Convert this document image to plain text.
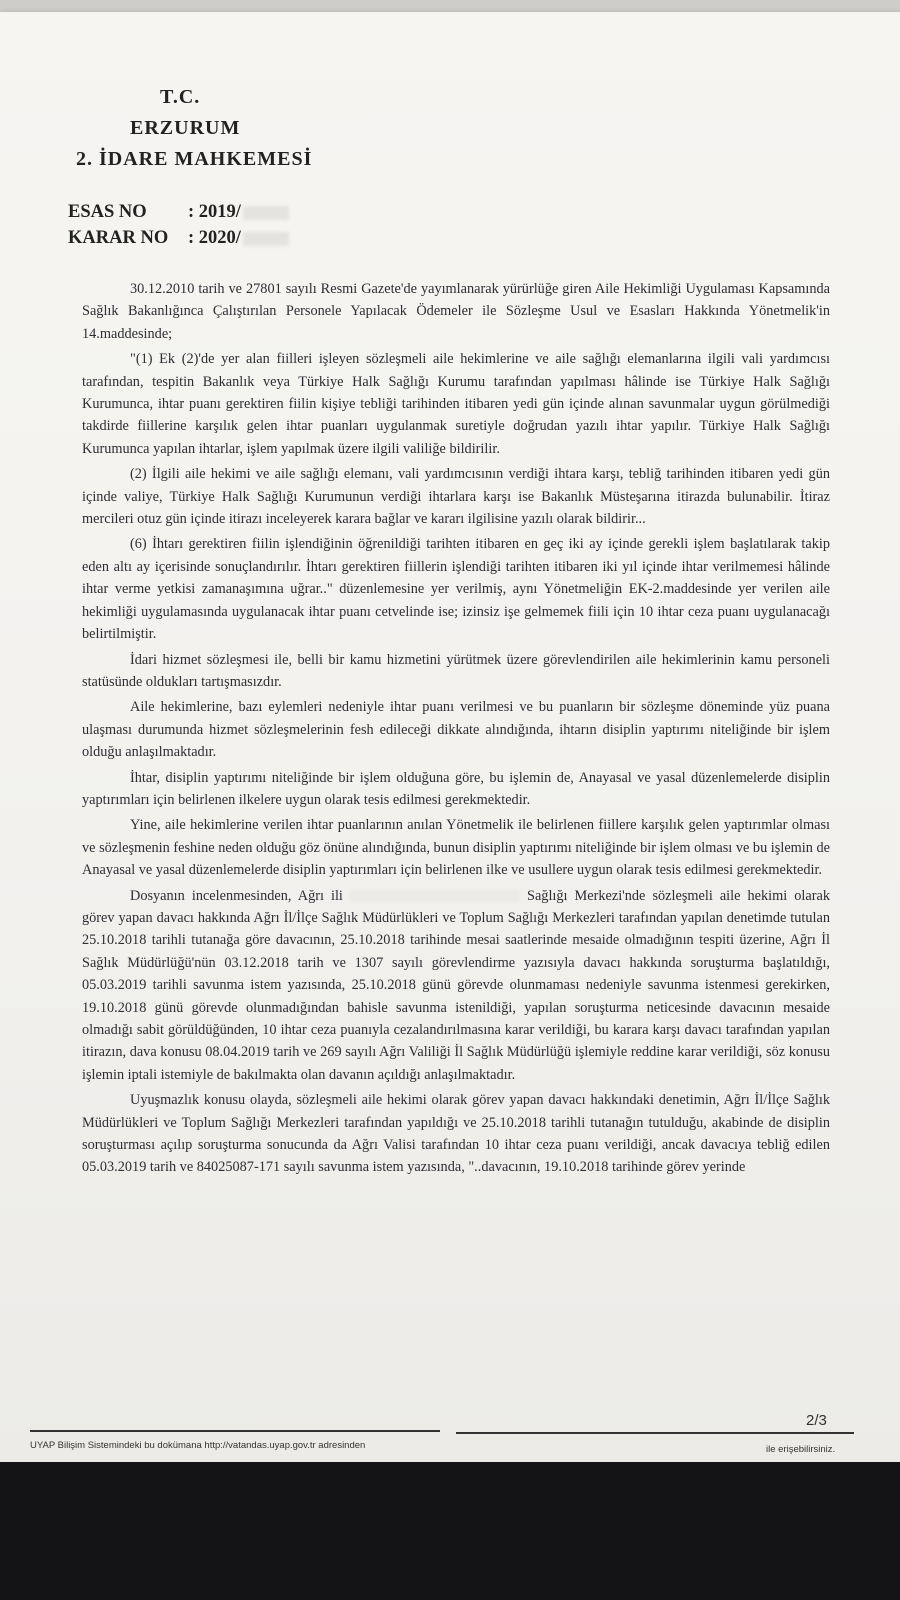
T.C.
ERZURUM
2. İDARE MAHKEMESİ
ESAS NO : 2019/
KARAR NO : 2020/

30.12.2010 tarih ve 27801 sayılı Resmi Gazete'de yayımlanarak yürürlüğe giren Aile Hekimliği Uygulaması Kapsamında Sağlık Bakanlığınca Çalıştırılan Personele Yapılacak Ödemeler ile Sözleşme Usul ve Esasları Hakkında Yönetmelik'in 14.maddesinde;

"(1) Ek (2)'de yer alan fiilleri işleyen sözleşmeli aile hekimlerine ve aile sağlığı elemanlarına ilgili vali yardımcısı tarafından, tespitin Bakanlık veya Türkiye Halk Sağlığı Kurumu tarafından yapılması hâlinde ise Türkiye Halk Sağlığı Kurumunca, ihtar puanı gerektiren fiilin kişiye tebliği tarihinden itibaren yedi gün içinde alınan savunmalar uygun görülmediği takdirde fiillerine karşılık gelen ihtar puanları uygulanmak suretiyle doğrudan yazılı ihtar yapılır. Türkiye Halk Sağlığı Kurumunca yapılan ihtarlar, işlem yapılmak üzere ilgili valiliğe bildirilir.

(2) İlgili aile hekimi ve aile sağlığı elemanı, vali yardımcısının verdiği ihtara karşı, tebliğ tarihinden itibaren yedi gün içinde valiye, Türkiye Halk Sağlığı Kurumunun verdiği ihtarlara karşı ise Bakanlık Müsteşarına itirazda bulunabilir. İtiraz mercileri otuz gün içinde itirazı inceleyerek karara bağlar ve kararı ilgilisine yazılı olarak bildirir...

(6) İhtarı gerektiren fiilin işlendiğinin öğrenildiği tarihten itibaren en geç iki ay içinde gerekli işlem başlatılarak takip eden altı ay içerisinde sonuçlandırılır. İhtarı gerektiren fiillerin işlendiği tarihten itibaren iki yıl içinde ihtar verilmemesi hâlinde ihtar verme yetkisi zamanaşımına uğrar.." düzenlemesine yer verilmiş, aynı Yönetmeliğin EK-2.maddesinde yer verilen aile hekimliği uygulamasında uygulanacak ihtar puanı cetvelinde ise; izinsiz işe gelmemek fiili için 10 ihtar ceza puanı uygulanacağı belirtilmiştir.

İdari hizmet sözleşmesi ile, belli bir kamu hizmetini yürütmek üzere görevlendirilen aile hekimlerinin kamu personeli statüsünde oldukları tartışmasızdır.

Aile hekimlerine, bazı eylemleri nedeniyle ihtar puanı verilmesi ve bu puanların bir sözleşme döneminde yüz puana ulaşması durumunda hizmet sözleşmelerinin fesh edileceği dikkate alındığında, ihtarın disiplin yaptırımı niteliğinde bir işlem olduğu anlaşılmaktadır.

İhtar, disiplin yaptırımı niteliğinde bir işlem olduğuna göre, bu işlemin de, Anayasal ve yasal düzenlemelerde disiplin yaptırımları için belirlenen ilkelere uygun olarak tesis edilmesi gerekmektedir.

Yine, aile hekimlerine verilen ihtar puanlarının anılan Yönetmelik ile belirlenen fiillere karşılık gelen yaptırımlar olması ve sözleşmenin feshine neden olduğu göz önüne alındığında, bunun disiplin yaptırımı niteliğinde bir işlem olması ve bu işlemin de Anayasal ve yasal düzenlemelerde disiplin yaptırımları için belirlenen ilke ve usullere uygun olarak tesis edilmesi gerekmektedir.

Dosyanın incelenmesinden, Ağrı ili	Sağlığı Merkezi'nde sözleşmeli aile hekimi olarak görev yapan davacı hakkında Ağrı İl/İlçe Sağlık Müdürlükleri ve Toplum Sağlığı Merkezleri tarafından yapılan denetimde tutulan 25.10.2018 tarihli tutanağa göre davacının, 25.10.2018 tarihinde mesai saatlerinde mesaide olmadığının tespiti üzerine, Ağrı İl Sağlık Müdürlüğü'nün 03.12.2018 tarih ve 1307 sayılı görevlendirme yazısıyla davacı hakkında soruşturma başlatıldığı, 05.03.2019 tarihli savunma istem yazısında, 25.10.2018 günü görevde olunmaması nedeniyle savunma istenmesi gerekirken, 19.10.2018 günü görevde olunmadığından bahisle savunma istenildiği, yapılan soruşturma neticesinde davacının mesaide olmadığı sabit görüldüğünden, 10 ihtar ceza puanıyla cezalandırılmasına karar verildiği, bu karara karşı davacı tarafından yapılan itirazın, dava konusu 08.04.2019 tarih ve 269 sayılı Ağrı Valiliği İl Sağlık Müdürlüğü işlemiyle reddine karar verildiği, söz konusu işlemin iptali istemiyle de bakılmakta olan davanın açıldığı anlaşılmaktadır.

Uyuşmazlık konusu olayda, sözleşmeli aile hekimi olarak görev yapan davacı hakkındaki denetimin, Ağrı İl/İlçe Sağlık Müdürlükleri ve Toplum Sağlığı Merkezleri tarafından yapıldığı ve 25.10.2018 tarihli tutanağın tutulduğu, akabinde de disiplin soruşturması açılıp soruşturma sonucunda da Ağrı Valisi tarafından 10 ihtar ceza puanı verildiği, ancak davacıya tebliğ edilen 05.03.2019 tarih ve 84025087-171 sayılı savunma istem yazısında, "..davacının, 19.10.2018 tarihinde görev yerinde

2/3
UYAP Bilişim Sistemindeki bu dokümana http://vatandas.uyap.gov.tr adresinden	ile erişebilirsiniz.
